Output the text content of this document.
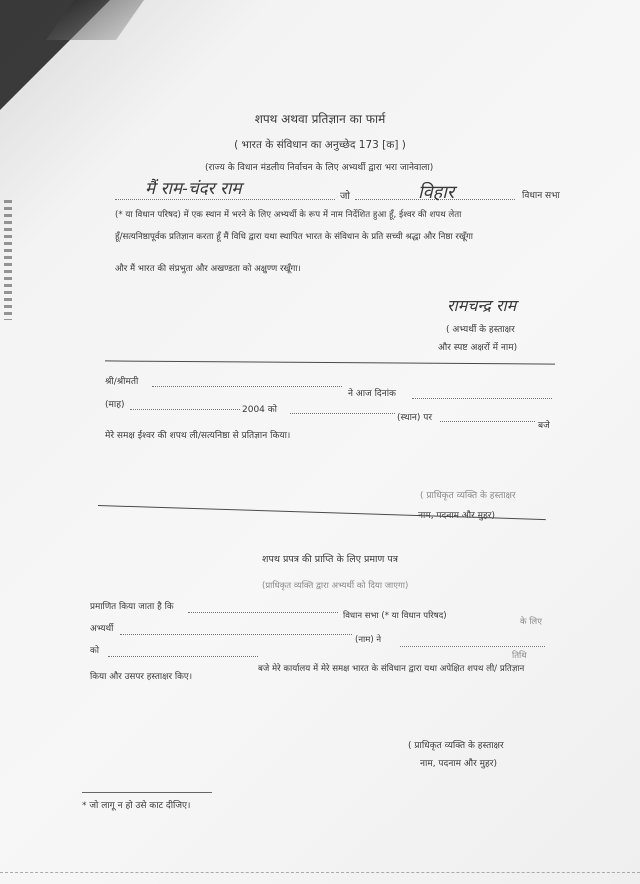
शपथ अथवा प्रतिज्ञान का फार्म
( भारत के संविधान का अनुच्छेद 173 [क] )
(राज्य के विधान मंडलीय निर्वाचन के लिए अभ्यर्थी द्वारा भरा जानेवाला)
मैं राम-चंदर राम	जो	विहार	विधान सभा
(* या विधान परिषद) में एक स्थान में भरने के लिए अभ्यर्थी के रूप में नाम निर्देशित हुआ हूँ, ईश्वर की शपथ लेता
हूँ/सत्यनिष्ठापूर्वक प्रतिज्ञान करता हूँ मैं विधि द्वारा यथा स्थापित भारत के संविधान के प्रति सच्ची श्रद्धा और निष्ठा रखूँगा
और मैं भारत की संप्रभुता और अखण्डता को अक्षुण्ण रखूँगा।
रामचन्द्र राम
( अभ्यर्थी के हस्ताक्षर
और स्पष्ट अक्षरों में नाम)
श्री/श्रीमती
ने आज दिनांक
(माह)	2004 को
(स्थान) पर
बजे
मेरे समक्ष ईश्वर की शपथ ली/सत्यनिष्ठा से प्रतिज्ञान किया।
( प्राधिकृत व्यक्ति के हस्ताक्षर
नाम, पदनाम और मुहर)
शपथ प्रपत्र की प्राप्ति के लिए प्रमाण पत्र
(प्राधिकृत व्यक्ति द्वारा अभ्यर्थी को दिया जाएगा)
प्रमाणित किया जाता है कि
विधान सभा (* या विधान परिषद)
के लिए
अभ्यर्थी
(नाम) ने
को	तिथि
बजे मेरे कार्यालय में मेरे समक्ष भारत के संविधान द्वारा यथा अपेक्षित शपथ ली/ प्रतिज्ञान
किया और उसपर हस्ताक्षर किए।
( प्राधिकृत व्यक्ति के हस्ताक्षर
नाम, पदनाम और मुहर)
* जो लागू न हो उसे काट दीजिए।
